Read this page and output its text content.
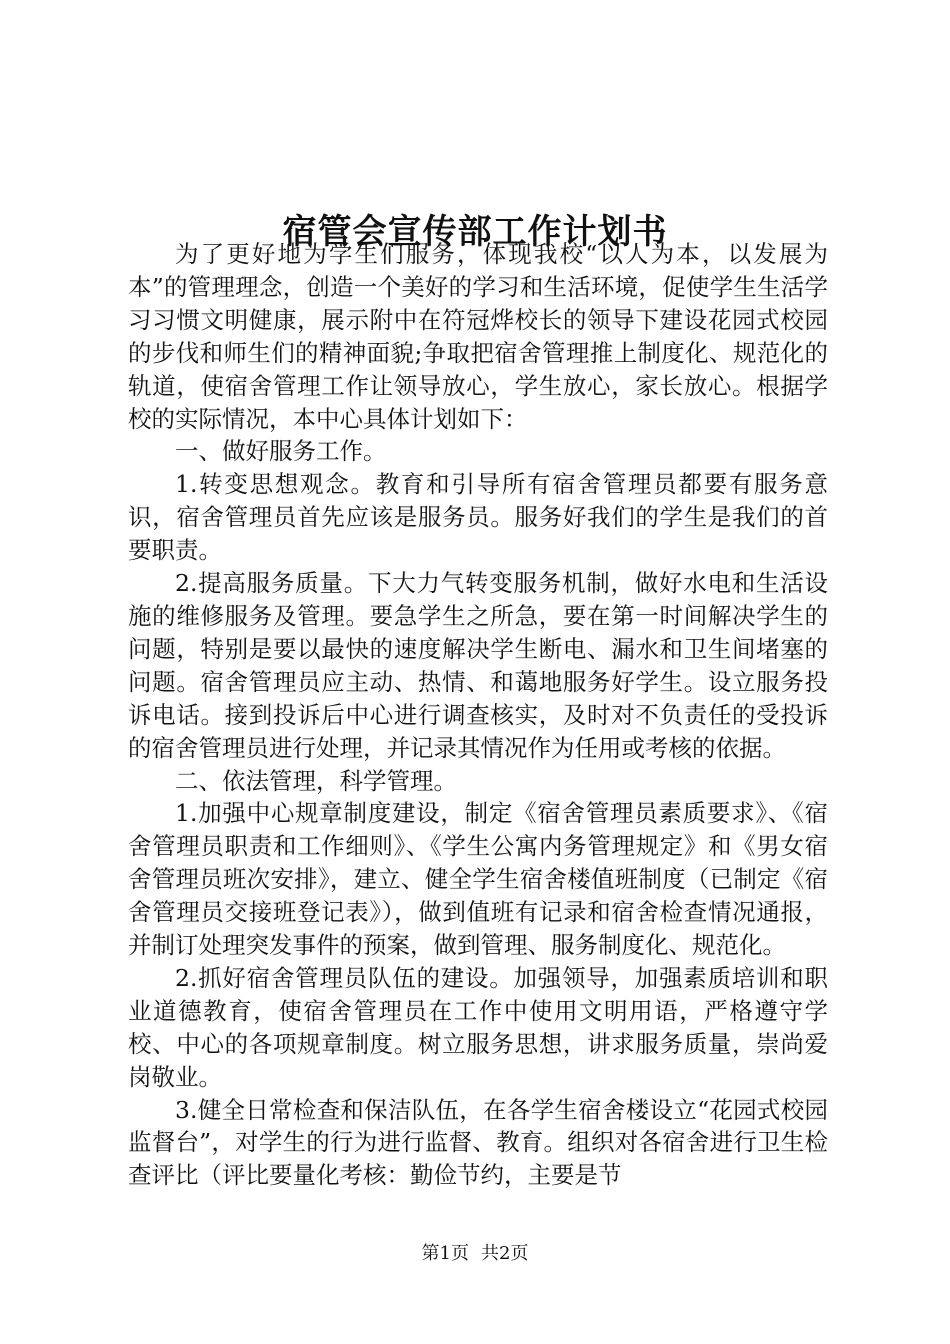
宿管会宣传部工作计划书

为了更好地为学生们服务，体现我校“以人为本，以发展为本”的管理理念，创造一个美好的学习和生活环境，促使学生生活学习习惯文明健康，展示附中在符冠烨校长的领导下建设花园式校园的步伐和师生们的精神面貌;争取把宿舍管理推上制度化、规范化的轨道，使宿舍管理工作让领导放心，学生放心，家长放心。根据学校的实际情况，本中心具体计划如下：

一、做好服务工作。

1.转变思想观念。教育和引导所有宿舍管理员都要有服务意识，宿舍管理员首先应该是服务员。服务好我们的学生是我们的首要职责。

2.提高服务质量。下大力气转变服务机制，做好水电和生活设施的维修服务及管理。要急学生之所急，要在第一时间解决学生的问题，特别是要以最快的速度解决学生断电、漏水和卫生间堵塞的问题。宿舍管理员应主动、热情、和蔼地服务好学生。设立服务投诉电话。接到投诉后中心进行调查核实，及时对不负责任的受投诉的宿舍管理员进行处理，并记录其情况作为任用或考核的依据。

二、依法管理，科学管理。

1.加强中心规章制度建设，制定《宿舍管理员素质要求》、《宿舍管理员职责和工作细则》、《学生公寓内务管理规定》和《男女宿舍管理员班次安排》，建立、健全学生宿舍楼值班制度（已制定《宿舍管理员交接班登记表》），做到值班有记录和宿舍检查情况通报，并制订处理突发事件的预案，做到管理、服务制度化、规范化。

2.抓好宿舍管理员队伍的建设。加强领导，加强素质培训和职业道德教育，使宿舍管理员在工作中使用文明用语，严格遵守学校、中心的各项规章制度。树立服务思想，讲求服务质量，崇尚爱岗敬业。

3.健全日常检查和保洁队伍，在各学生宿舍楼设立“花园式校园监督台”，对学生的行为进行监督、教育。组织对各宿舍进行卫生检查评比（评比要量化考核：勤俭节约，主要是节

第1页 共2页
